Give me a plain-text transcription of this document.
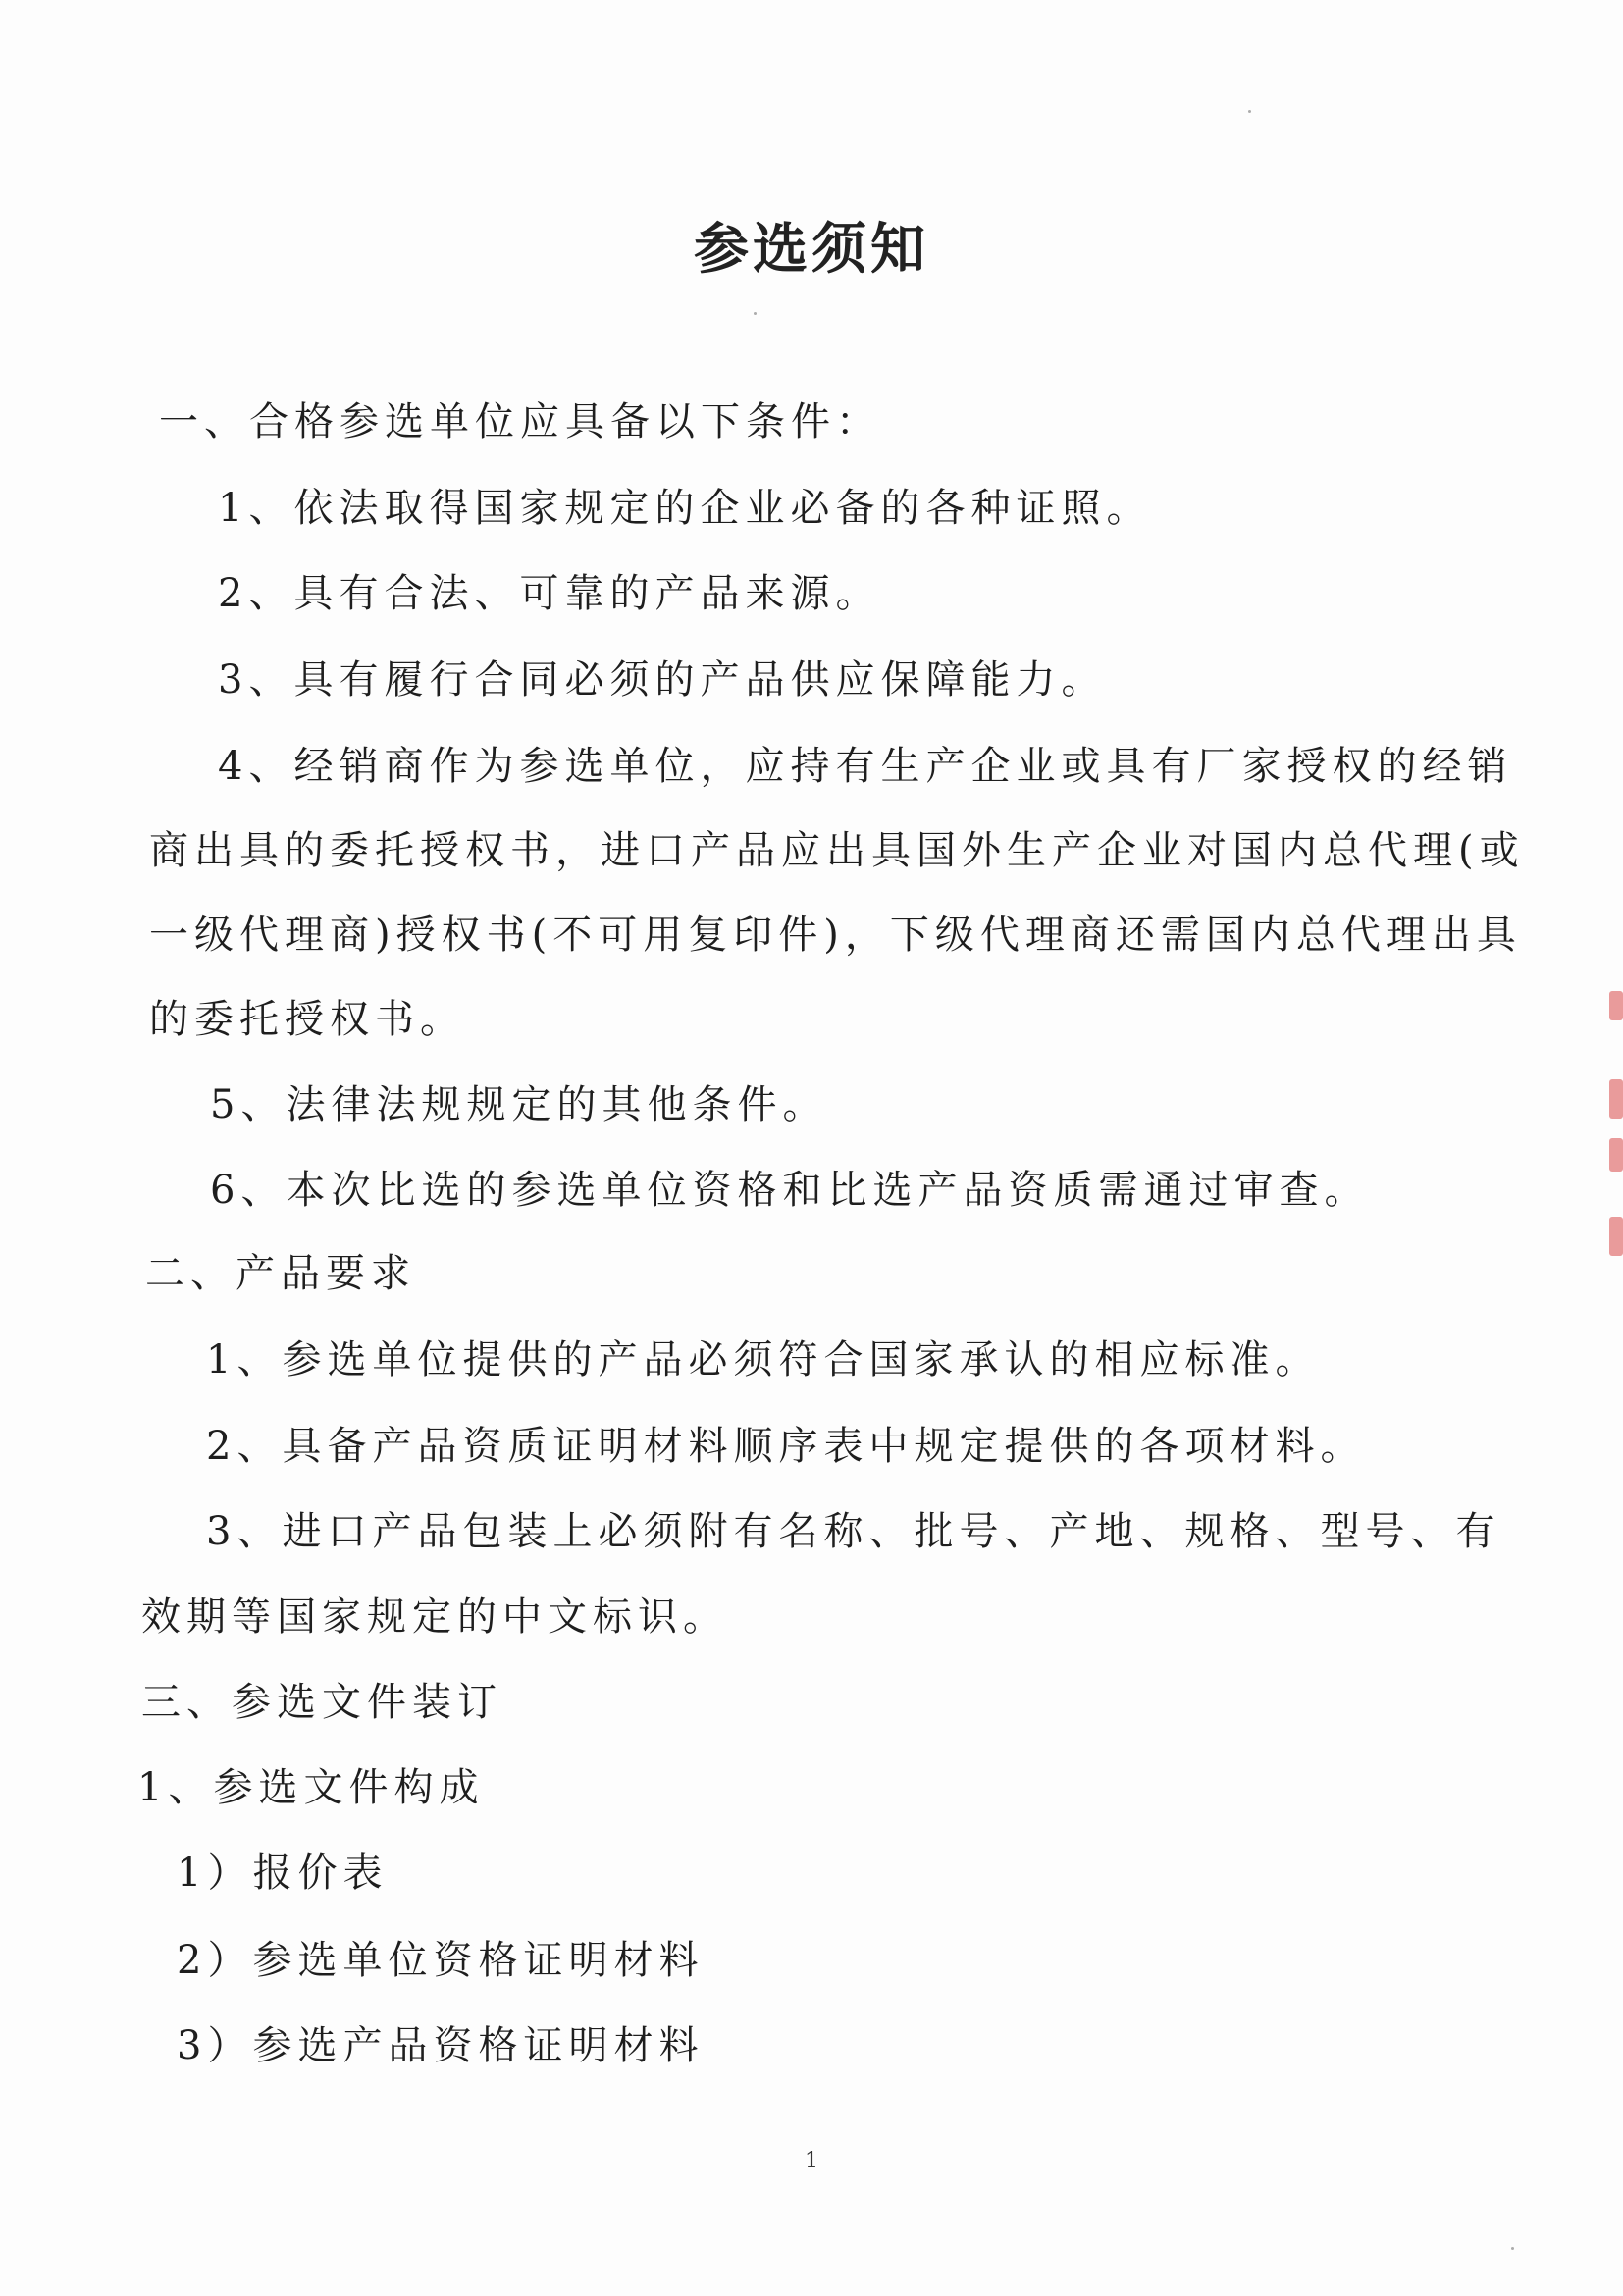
参选须知
一、合格参选单位应具备以下条件：
1、依法取得国家规定的企业必备的各种证照。
2、具有合法、可靠的产品来源。
3、具有履行合同必须的产品供应保障能力。
4、经销商作为参选单位，应持有生产企业或具有厂家授权的经销
商出具的委托授权书，进口产品应出具国外生产企业对国内总代理(或
一级代理商)授权书(不可用复印件)，下级代理商还需国内总代理出具
的委托授权书。
5、法律法规规定的其他条件。
6、本次比选的参选单位资格和比选产品资质需通过审查。
二、产品要求
1、参选单位提供的产品必须符合国家承认的相应标准。
2、具备产品资质证明材料顺序表中规定提供的各项材料。
3、进口产品包装上必须附有名称、批号、产地、规格、型号、有
效期等国家规定的中文标识。
三、参选文件装订
1、参选文件构成
1）报价表
2）参选单位资格证明材料
3）参选产品资格证明材料
1
